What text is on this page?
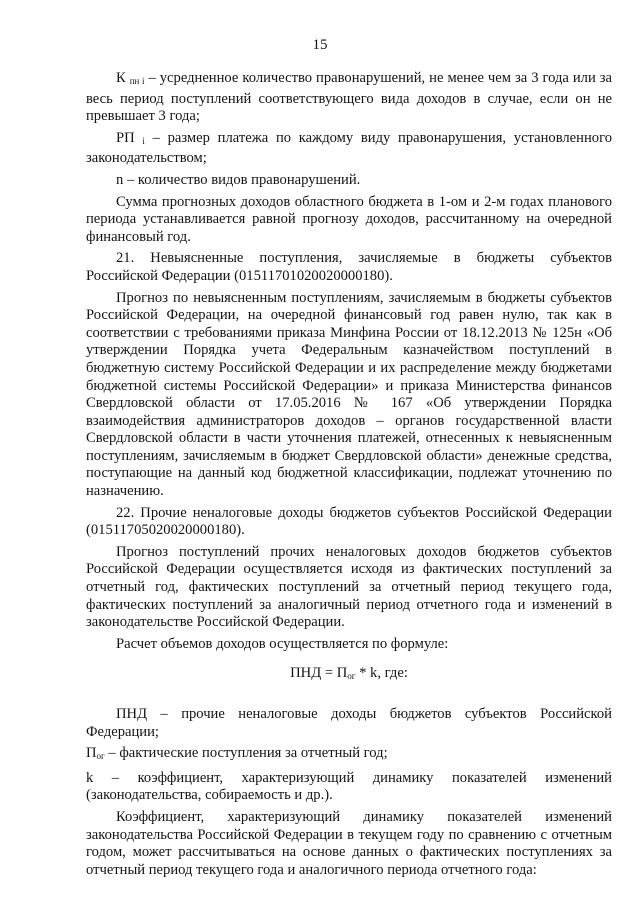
15

К $_{пн i}$ – усредненное количество правонарушений, не менее чем за 3 года или за весь период поступлений соответствующего вида доходов в случае, если он не превышает 3 года;

РП $_i$ – размер платежа по каждому виду правонарушения, установленного законодательством;

n – количество видов правонарушений.

Сумма прогнозных доходов областного бюджета в 1-ом и 2-м годах планового периода устанавливается равной прогнозу доходов, рассчитанному на очередной финансовый год.

21. Невыясненные поступления, зачисляемые в бюджеты субъектов Российской Федерации (01511701020020000180).

Прогноз по невыясненным поступлениям, зачисляемым в бюджеты субъектов Российской Федерации, на очередной финансовый год равен нулю, так как в соответствии с требованиями приказа Минфина России от 18.12.2013 № 125н «Об утверждении Порядка учета Федеральным казначейством поступлений в бюджетную систему Российской Федерации и их распределение между бюджетами бюджетной системы Российской Федерации» и приказа Министерства финансов Свердловской области от 17.05.2016 № 167 «Об утверждении Порядка взаимодействия администраторов доходов – органов государственной власти Свердловской области в части уточнения платежей, отнесенных к невыясненным поступлениям, зачисляемым в бюджет Свердловской области» денежные средства, поступающие на данный код бюджетной классификации, подлежат уточнению по назначению.

22. Прочие неналоговые доходы бюджетов субъектов Российской Федерации (01511705020020000180).

Прогноз поступлений прочих неналоговых доходов бюджетов субъектов Российской Федерации осуществляется исходя из фактических поступлений за отчетный год, фактических поступлений за отчетный период текущего года, фактических поступлений за аналогичный период отчетного года и изменений в законодательстве Российской Федерации.

Расчет объемов доходов осуществляется по формуле:

ПНД = $П_{ог}$ * k, где:

ПНД – прочие неналоговые доходы бюджетов субъектов Российской Федерации;

$П_{ог}$ – фактические поступления за отчетный год;

k – коэффициент, характеризующий динамику показателей изменений (законодательства, собираемость и др.).

Коэффициент, характеризующий динамику показателей изменений законодательства Российской Федерации в текущем году по сравнению с отчетным годом, может рассчитываться на основе данных о фактических поступлениях за отчетный период текущего года и аналогичного периода отчетного года:
